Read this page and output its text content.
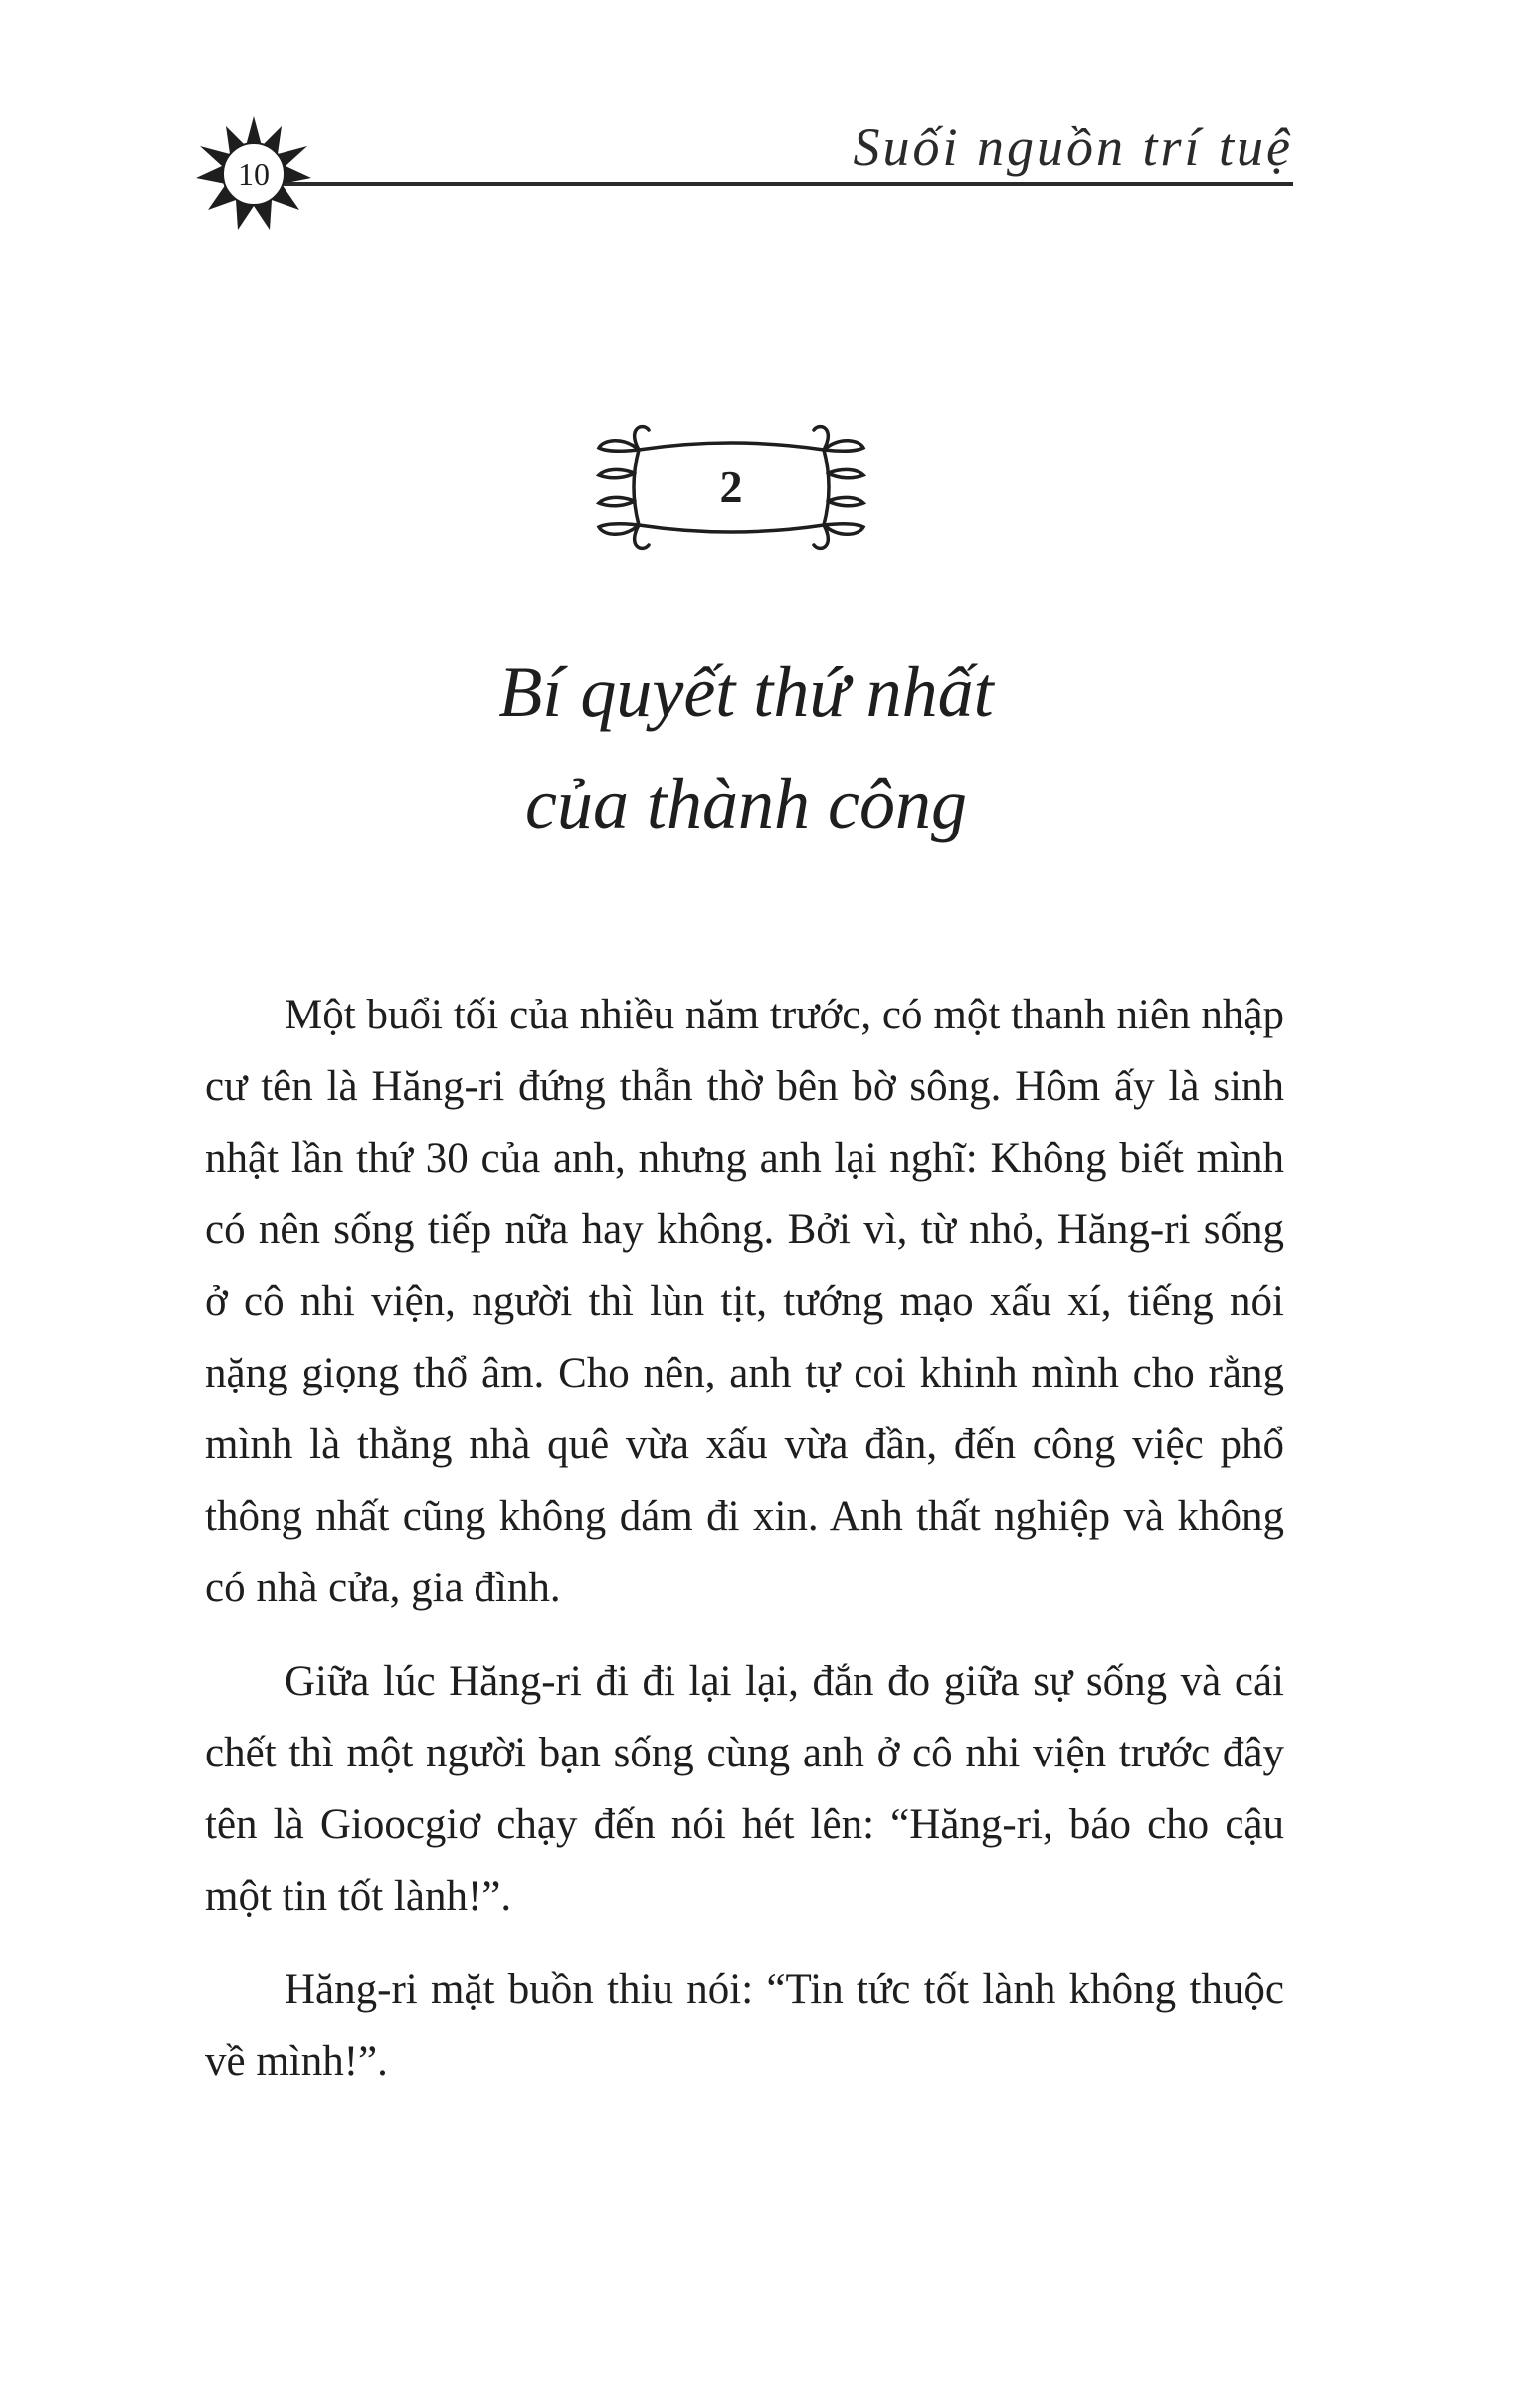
10	Suối nguồn trí tuệ
2
Bí quyết thứ nhất
của thành công

Một buổi tối của nhiều năm trước, có một thanh niên nhập cư tên là Hăng-ri đứng thẫn thờ bên bờ sông. Hôm ấy là sinh nhật lần thứ 30 của anh, nhưng anh lại nghĩ: Không biết mình có nên sống tiếp nữa hay không. Bởi vì, từ nhỏ, Hăng-ri sống ở cô nhi viện, người thì lùn tịt, tướng mạo xấu xí, tiếng nói nặng giọng thổ âm. Cho nên, anh tự coi khinh mình cho rằng mình là thằng nhà quê vừa xấu vừa đần, đến công việc phổ thông nhất cũng không dám đi xin. Anh thất nghiệp và không có nhà cửa, gia đình.

Giữa lúc Hăng-ri đi đi lại lại, đắn đo giữa sự sống và cái chết thì một người bạn sống cùng anh ở cô nhi viện trước đây tên là Gioocgiơ chạy đến nói hét lên: “Hăng-ri, báo cho cậu một tin tốt lành!”.

Hăng-ri mặt buồn thiu nói: “Tin tức tốt lành không thuộc về mình!”.
